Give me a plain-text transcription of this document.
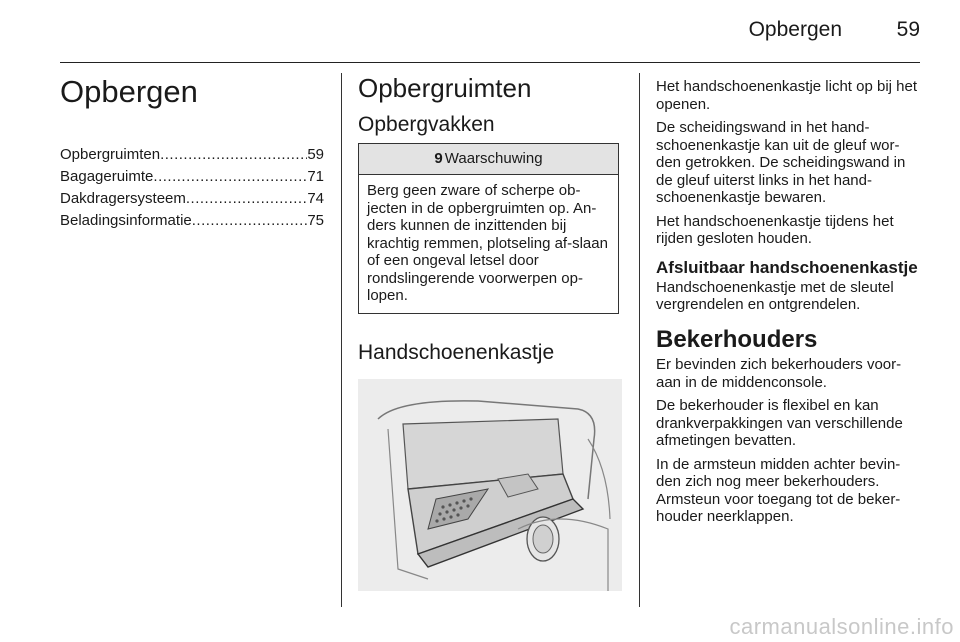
Opbergen	59
Opbergen
Opbergruimten .....	59
Bagageruimte .....	71
Dakdragersysteem .....	74
Beladingsinformatie .....	75
Opbergruimten
Opbergvakken
9 Waarschuwing
Berg geen zware of scherpe ob-jecten in de opbergruimten op. An-ders kunnen de inzittenden bij krachtig remmen, plotseling af-slaan of een ongeval letsel door rondslingerende voorwerpen op-lopen.
Handschoenenkastje

Het handschoenenkastje licht op bij het openen.

De scheidingswand in het hand-schoenenkastje kan uit de gleuf wor-den getrokken. De scheidingswand in de gleuf uiterst links in het hand-schoenenkastje bewaren.

Het handschoenenkastje tijdens het rijden gesloten houden.

Afsluitbaar handschoenenkastje

Handschoenenkastje met de sleutel vergrendelen en ontgrendelen.

Bekerhouders

Er bevinden zich bekerhouders voor-aan in de middenconsole.

De bekerhouder is flexibel en kan drankverpakkingen van verschillende afmetingen bevatten.

In de armsteun midden achter bevin-den zich nog meer bekerhouders. Armsteun voor toegang tot de beker-houder neerklappen.

carmanualsonline.info
